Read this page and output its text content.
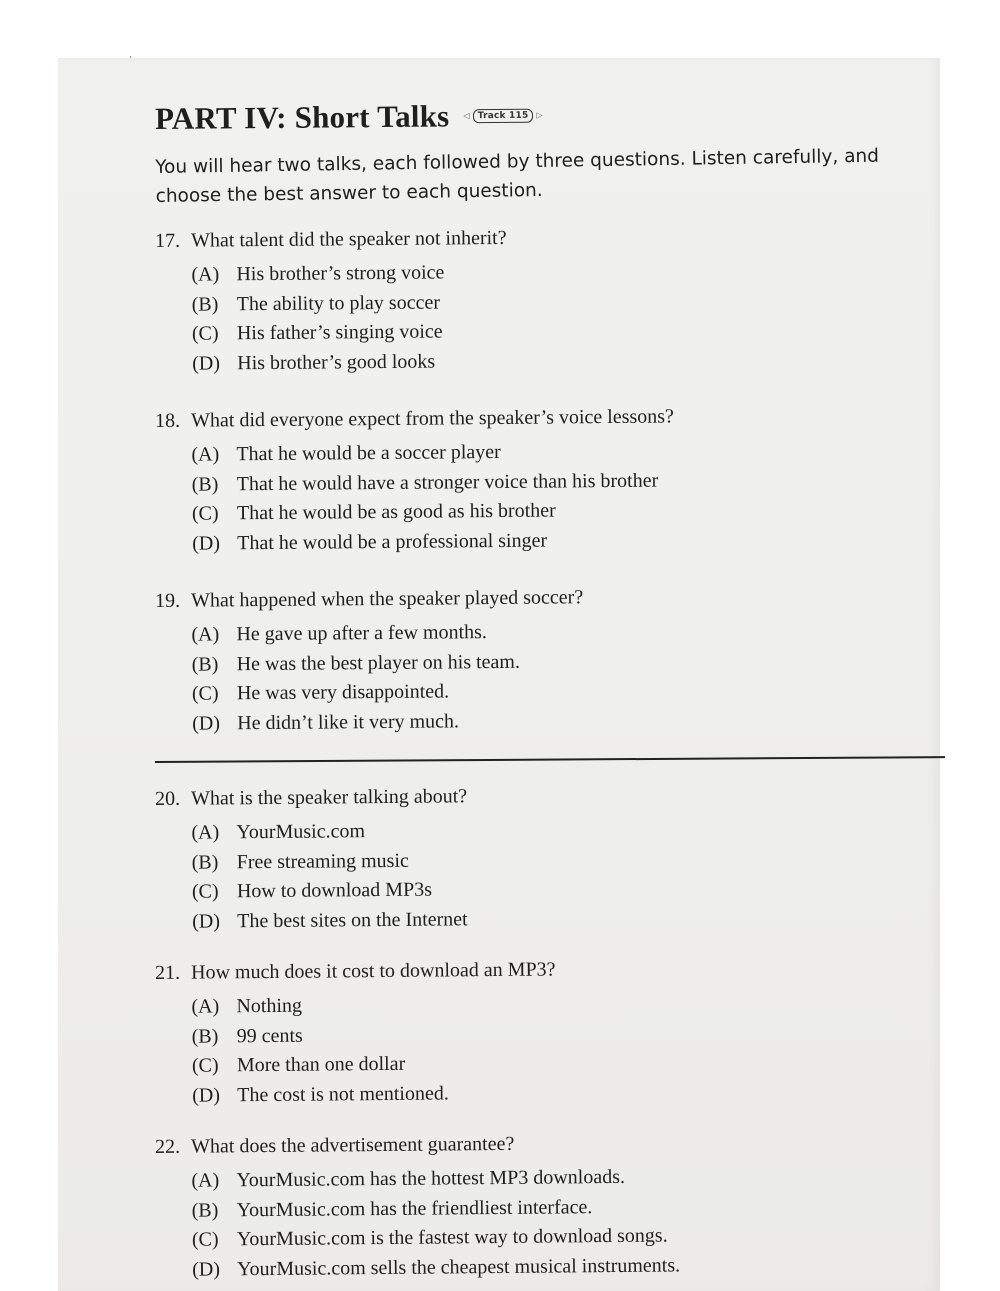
PART IV: Short Talks ◁ Track 115 ▷
You will hear two talks, each followed by three questions. Listen carefully, and choose the best answer to each question.
17. What talent did the speaker not inherit?
(A) His brother’s strong voice
(B) The ability to play soccer
(C) His father’s singing voice
(D) His brother’s good looks
18. What did everyone expect from the speaker’s voice lessons?
(A) That he would be a soccer player
(B) That he would have a stronger voice than his brother
(C) That he would be as good as his brother
(D) That he would be a professional singer
19. What happened when the speaker played soccer?
(A) He gave up after a few months.
(B) He was the best player on his team.
(C) He was very disappointed.
(D) He didn’t like it very much.
20. What is the speaker talking about?
(A) YourMusic.com
(B) Free streaming music
(C) How to download MP3s
(D) The best sites on the Internet
21. How much does it cost to download an MP3?
(A) Nothing
(B) 99 cents
(C) More than one dollar
(D) The cost is not mentioned.
22. What does the advertisement guarantee?
(A) YourMusic.com has the hottest MP3 downloads.
(B) YourMusic.com has the friendliest interface.
(C) YourMusic.com is the fastest way to download songs.
(D) YourMusic.com sells the cheapest musical instruments.
